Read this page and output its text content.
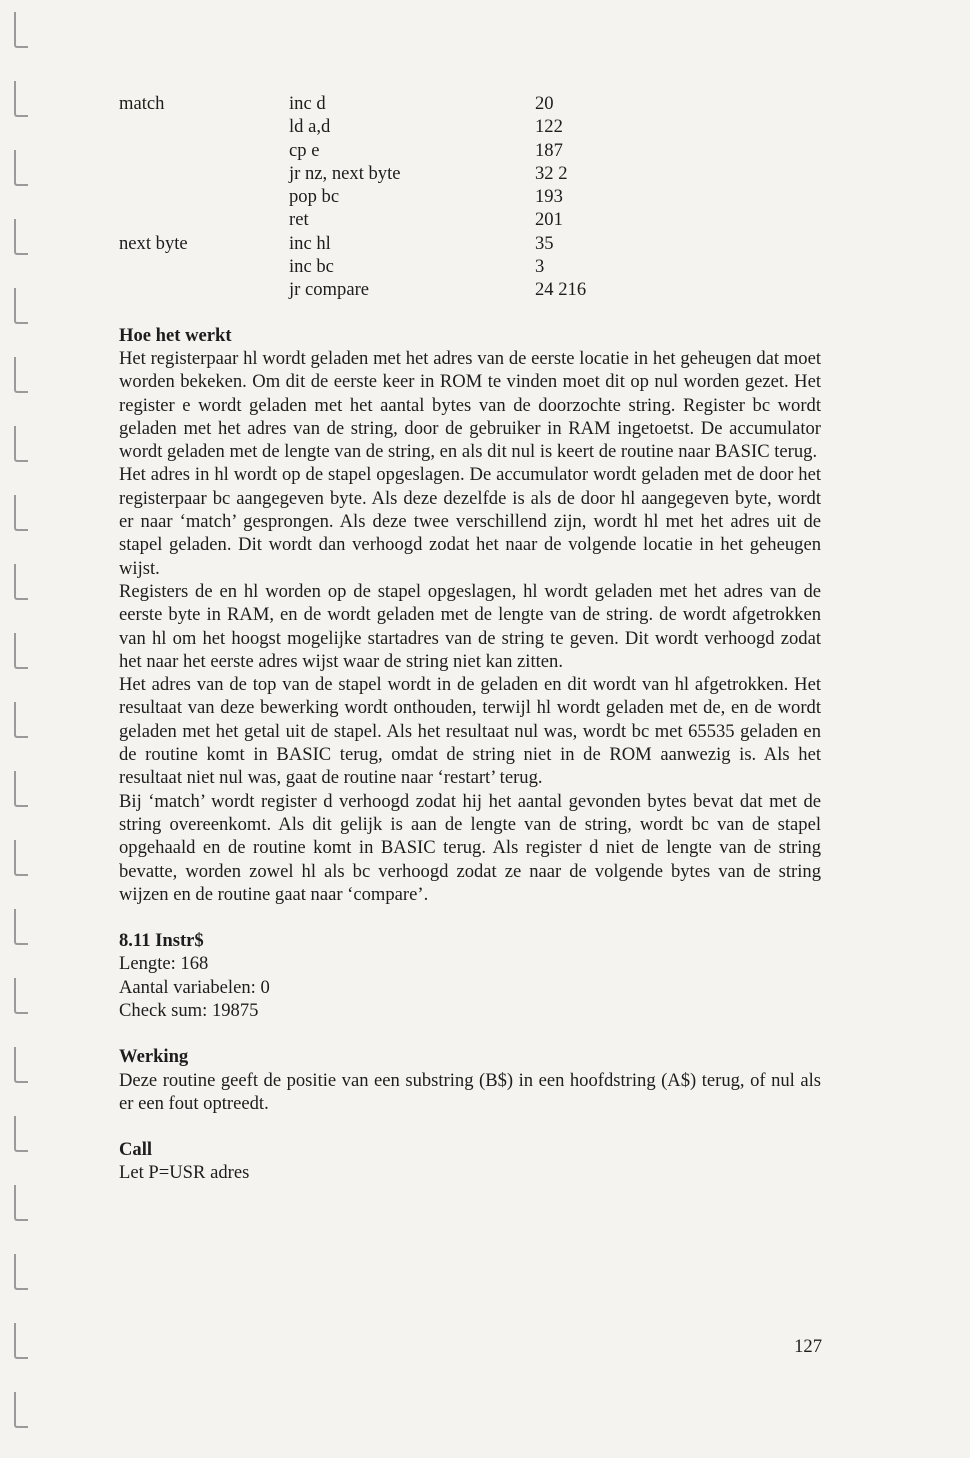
match	inc d	20
	ld a,d	122
	cp e	187
	jr nz, next byte	32 2
	pop bc	193
	ret	201
next byte	inc hl	35
	inc bc	3
	jr compare	24 216
Hoe het werkt

Het registerpaar hl wordt geladen met het adres van de eerste locatie in het geheugen dat moet worden bekeken. Om dit de eerste keer in ROM te vinden moet dit op nul worden gezet. Het register e wordt geladen met het aantal bytes van de doorzochte string. Register bc wordt geladen met het adres van de string, door de gebruiker in RAM ingetoetst. De accumulator wordt geladen met de lengte van de string, en als dit nul is keert de routine naar BASIC terug.

Het adres in hl wordt op de stapel opgeslagen. De accumulator wordt geladen met de door het registerpaar bc aangegeven byte. Als deze dezelfde is als de door hl aangegeven byte, wordt er naar ‘match’ gesprongen. Als deze twee verschillend zijn, wordt hl met het adres uit de stapel geladen. Dit wordt dan verhoogd zodat het naar de volgende locatie in het geheugen wijst.

Registers de en hl worden op de stapel opgeslagen, hl wordt geladen met het adres van de eerste byte in RAM, en de wordt geladen met de lengte van de string. de wordt afgetrokken van hl om het hoogst mogelijke startadres van de string te geven. Dit wordt verhoogd zodat het naar het eerste adres wijst waar de string niet kan zitten.

Het adres van de top van de stapel wordt in de geladen en dit wordt van hl afgetrokken. Het resultaat van deze bewerking wordt onthouden, terwijl hl wordt geladen met de, en de wordt geladen met het getal uit de stapel. Als het resultaat nul was, wordt bc met 65535 geladen en de routine komt in BASIC terug, omdat de string niet in de ROM aanwezig is. Als het resultaat niet nul was, gaat de routine naar ‘restart’ terug.

Bij ‘match’ wordt register d verhoogd zodat hij het aantal gevonden bytes bevat dat met de string overeenkomt. Als dit gelijk is aan de lengte van de string, wordt bc van de stapel opgehaald en de routine komt in BASIC terug. Als register d niet de lengte van de string bevatte, worden zowel hl als bc verhoogd zodat ze naar de volgende bytes van de string wijzen en de routine gaat naar ‘compare’.

8.11 Instr$

Lengte: 168

Aantal variabelen: 0

Check sum: 19875

Werking

Deze routine geeft de positie van een substring (B$) in een hoofdstring (A$) terug, of nul als er een fout optreedt.

Call

Let P=USR adres

127
